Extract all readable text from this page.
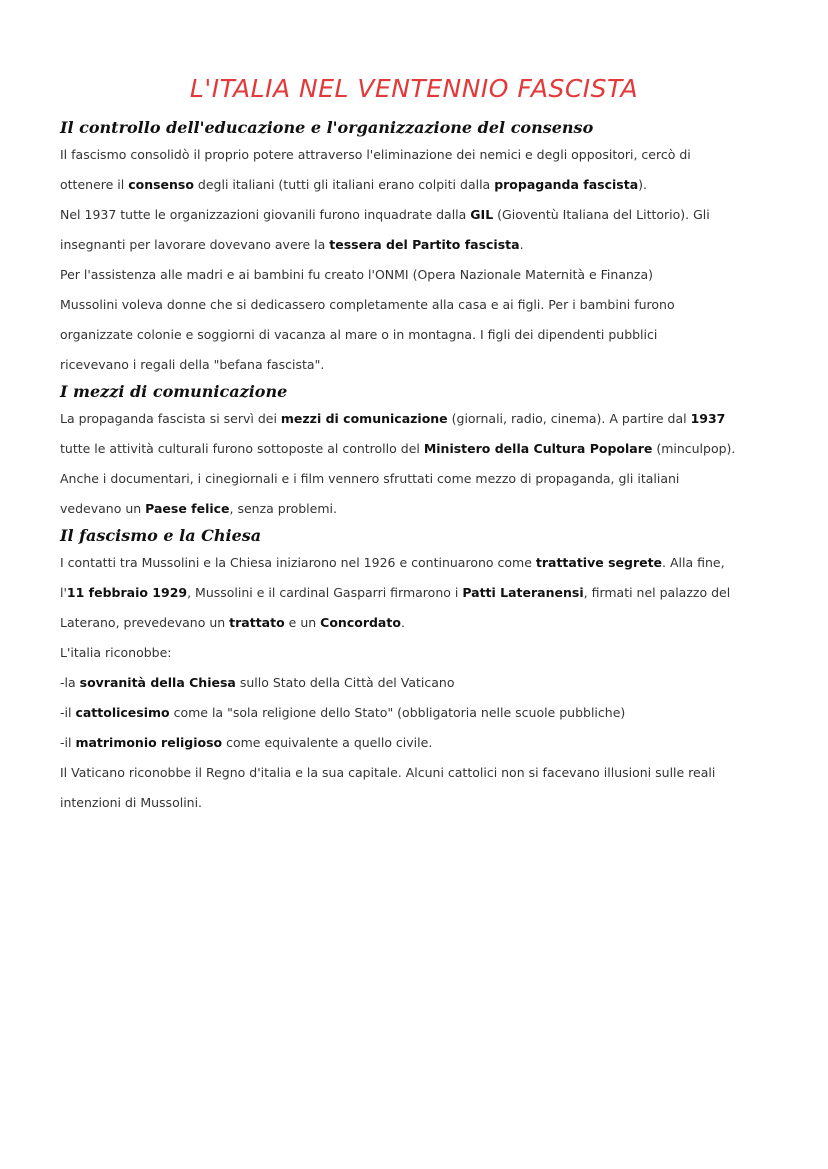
L'ITALIA NEL VENTENNIO FASCISTA
Il controllo dell'educazione e l'organizzazione del consenso
Il fascismo consolidò il proprio potere attraverso l'eliminazione dei nemici e degli oppositori, cercò di
ottenere il consenso degli italiani (tutti gli italiani erano colpiti dalla propaganda fascista).
Nel 1937 tutte le organizzazioni giovanili furono inquadrate dalla GIL (Gioventù Italiana del Littorio). Gli
insegnanti per lavorare dovevano avere la tessera del Partito fascista.
Per l'assistenza alle madri e ai bambini fu creato l'ONMI (Opera Nazionale Maternità e Finanza)
Mussolini voleva donne che si dedicassero completamente alla casa e ai figli. Per i bambini furono
organizzate colonie e soggiorni di vacanza al mare o in montagna. I figli dei dipendenti pubblici
ricevevano i regali della "befana fascista".
I mezzi di comunicazione
La propaganda fascista si servì dei mezzi di comunicazione (giornali, radio, cinema). A partire dal 1937
tutte le attività culturali furono sottoposte al controllo del Ministero della Cultura Popolare (minculpop).
Anche i documentari, i cinegiornali e i film vennero sfruttati come mezzo di propaganda, gli italiani
vedevano un Paese felice, senza problemi.
Il fascismo e la Chiesa
I contatti tra Mussolini e la Chiesa iniziarono nel 1926 e continuarono come trattative segrete. Alla fine,
l'11 febbraio 1929, Mussolini e il cardinal Gasparri firmarono i Patti Lateranensi, firmati nel palazzo del
Laterano, prevedevano un trattato e un Concordato.
L'italia riconobbe:
-la sovranità della Chiesa sullo Stato della Città del Vaticano
-il cattolicesimo come la "sola religione dello Stato" (obbligatoria nelle scuole pubbliche)
-il matrimonio religioso come equivalente a quello civile.
Il Vaticano riconobbe il Regno d'italia e la sua capitale. Alcuni cattolici non si facevano illusioni sulle reali
intenzioni di Mussolini.
